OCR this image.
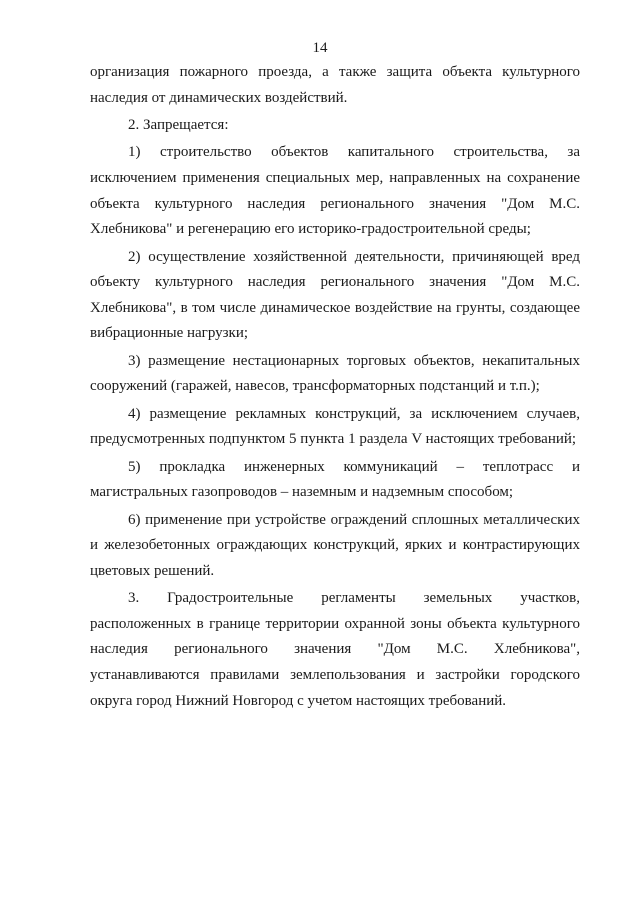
14

организация пожарного проезда, а также защита объекта культурного наследия от динамических воздействий.

2. Запрещается:

1) строительство объектов капитального строительства, за исключением применения специальных мер, направленных на сохранение объекта культурного наследия регионального значения "Дом М.С. Хлебникова" и регенерацию его историко-градостроительной среды;

2) осуществление хозяйственной деятельности, причиняющей вред объекту культурного наследия регионального значения "Дом М.С. Хлебникова", в том числе динамическое воздействие на грунты, создающее вибрационные нагрузки;

3) размещение нестационарных торговых объектов, некапитальных сооружений (гаражей, навесов, трансформаторных подстанций и т.п.);

4) размещение рекламных конструкций, за исключением случаев, предусмотренных подпунктом 5 пункта 1 раздела V настоящих требований;

5) прокладка инженерных коммуникаций – теплотрасс и магистральных газопроводов – наземным и надземным способом;

6) применение при устройстве ограждений сплошных металлических и железобетонных ограждающих конструкций, ярких и контрастирующих цветовых решений.

3. Градостроительные регламенты земельных участков, расположенных в границе территории охранной зоны объекта культурного наследия регионального значения "Дом М.С. Хлебникова", устанавливаются правилами землепользования и застройки городского округа город Нижний Новгород с учетом настоящих требований.
